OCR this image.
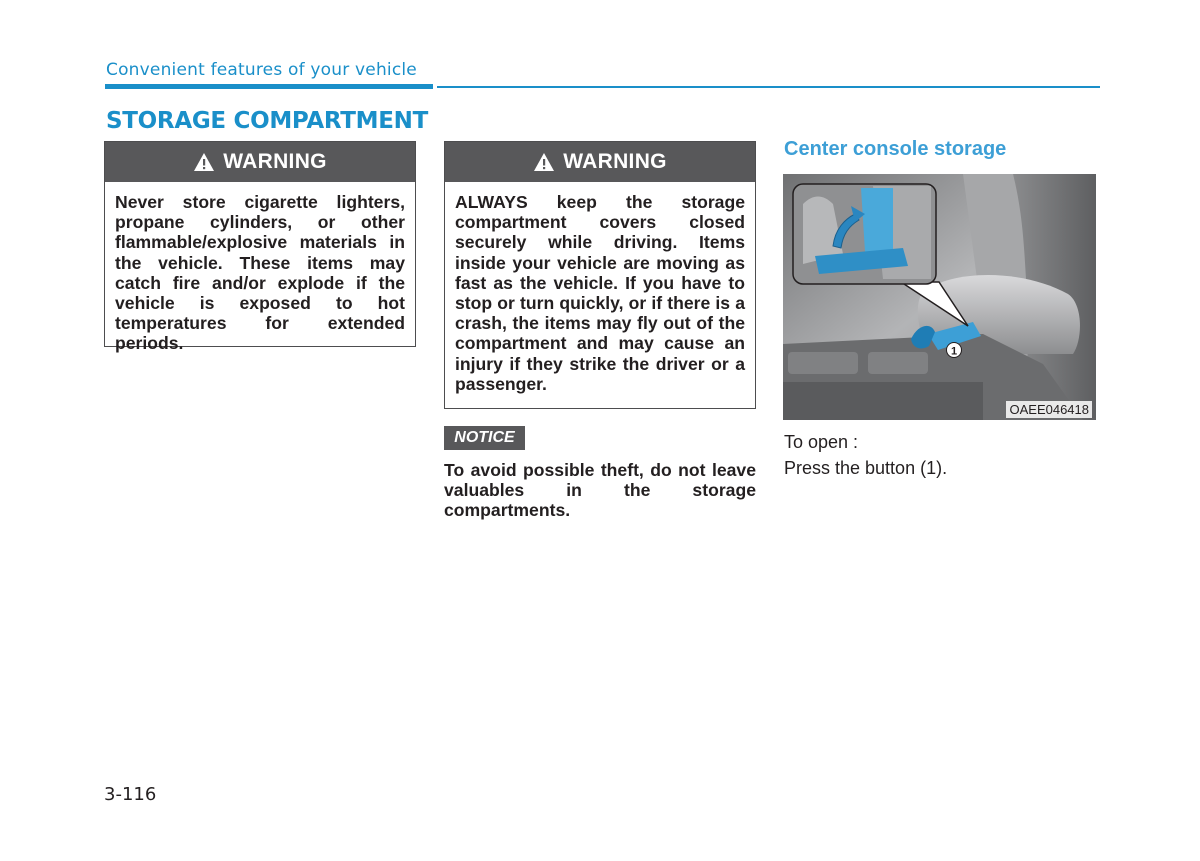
Convenient features of your vehicle
STORAGE COMPARTMENT
WARNING
Never store cigarette lighters, propane cylinders, or other flammable/explosive materials in the vehicle. These items may catch fire and/or explode if the vehicle is exposed to hot temperatures for extended periods.
WARNING
ALWAYS keep the storage compartment covers closed securely while driving. Items inside your vehicle are moving as fast as the vehicle. If you have to stop or turn quickly, or if there is a crash, the items may fly out of the compartment and may cause an injury if they strike the driver or a passenger.
NOTICE
To avoid possible theft, do not leave valuables in the storage compartments.
Center console storage
1
OAEE046418
To open :
Press the button (1).
3-116
